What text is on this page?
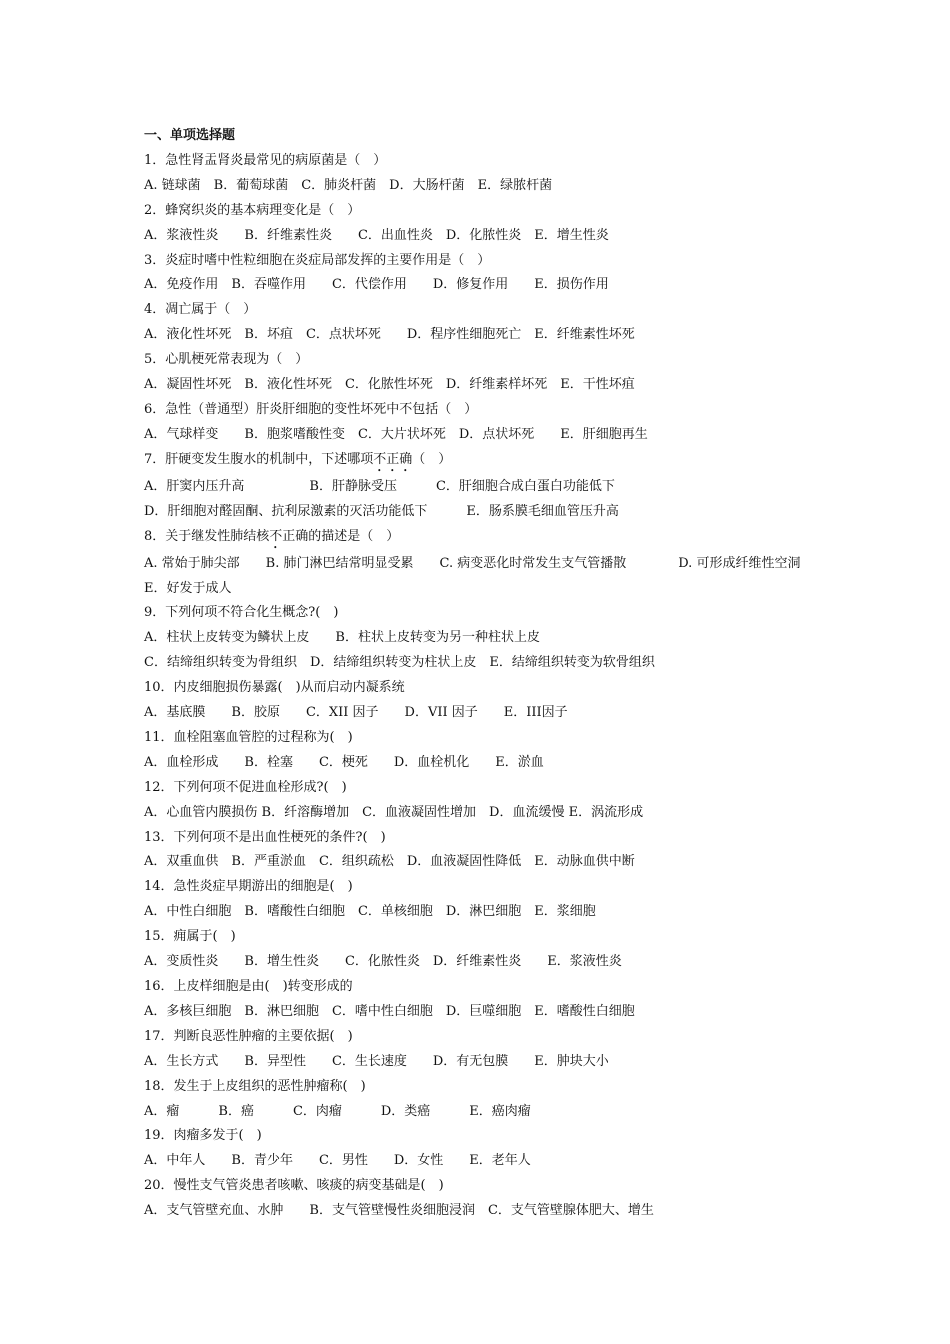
一、单项选择题
1．急性肾盂肾炎最常见的病原菌是（　）
A. 链球菌　B．葡萄球菌　C．肺炎杆菌　D．大肠杆菌　E．绿脓杆菌
2．蜂窝织炎的基本病理变化是（　）
A．浆液性炎　　B．纤维素性炎　　C．出血性炎　D．化脓性炎　E．增生性炎
3．炎症时嗜中性粒细胞在炎症局部发挥的主要作用是（　）
A．免疫作用　B．吞噬作用　　C．代偿作用　　D．修复作用　　E．损伤作用
4．凋亡属于（　）
A．液化性坏死　B．坏疽　C．点状坏死　　D．程序性细胞死亡　E．纤维素性坏死
5．心肌梗死常表现为（　）
A．凝固性坏死　B．液化性坏死　C．化脓性坏死　D．纤维素样坏死　E．干性坏疽
6．急性（普通型）肝炎肝细胞的变性坏死中不包括（　）
A．气球样变　　B．胞浆嗜酸性变　C．大片状坏死　D．点状坏死　　E．肝细胞再生
7．肝硬变发生腹水的机制中，下述哪项不正确（　）
A．肝窦内压升高　　　　　B．肝静脉受压　　　C．肝细胞合成白蛋白功能低下
D．肝细胞对醛固酮、抗利尿激素的灭活功能低下　　　E．肠系膜毛细血管压升高
8．关于继发性肺结核不正确的描述是（　）
A. 常始于肺尖部　　B. 肺门淋巴结常明显受累　　C. 病变恶化时常发生支气管播散　　　　D. 可形成纤维性空洞　　E．好发于成人
9．下列何项不符合化生概念?(　)
A．柱状上皮转变为鳞状上皮　　B．柱状上皮转变为另一种柱状上皮
C．结缔组织转变为骨组织　D．结缔组织转变为柱状上皮　E．结缔组织转变为软骨组织
10．内皮细胞损伤暴露(　)从而启动内凝系统
A．基底膜　　B．胶原　　C．XII 因子　　D．VII 因子　　E．III因子
11．血栓阻塞血管腔的过程称为(　)
A．血栓形成　　B．栓塞　　C．梗死　　D．血栓机化　　E．淤血
12．下列何项不促进血栓形成?(　)
A．心血管内膜损伤 B．纤溶酶增加　C．血液凝固性增加　D．血流缓慢 E．涡流形成
13．下列何项不是出血性梗死的条件?(　)
A．双重血供　B．严重淤血　C．组织疏松　D．血液凝固性降低　E．动脉血供中断
14．急性炎症早期游出的细胞是(　)
A．中性白细胞　B．嗜酸性白细胞　C．单核细胞　D．淋巴细胞　E．浆细胞
15．痈属于(　)
A．变质性炎　　B．增生性炎　　C．化脓性炎　D．纤维素性炎　　E．浆液性炎
16．上皮样细胞是由(　)转变形成的
A．多核巨细胞　B．淋巴细胞　C．嗜中性白细胞　D．巨噬细胞　E．嗜酸性白细胞
17．判断良恶性肿瘤的主要依据(　)
A．生长方式　　B．异型性　　C．生长速度　　D．有无包膜　　E．肿块大小
18．发生于上皮组织的恶性肿瘤称(　)
A．瘤　　　B．癌　　　C．肉瘤　　　D．类癌　　　E．癌肉瘤
19．肉瘤多发于(　)
A．中年人　　B．青少年　　C．男性　　D．女性　　E．老年人
20．慢性支气管炎患者咳嗽、咳痰的病变基础是(　)
A．支气管壁充血、水肿　　B．支气管壁慢性炎细胞浸润　C．支气管壁腺体肥大、增生
